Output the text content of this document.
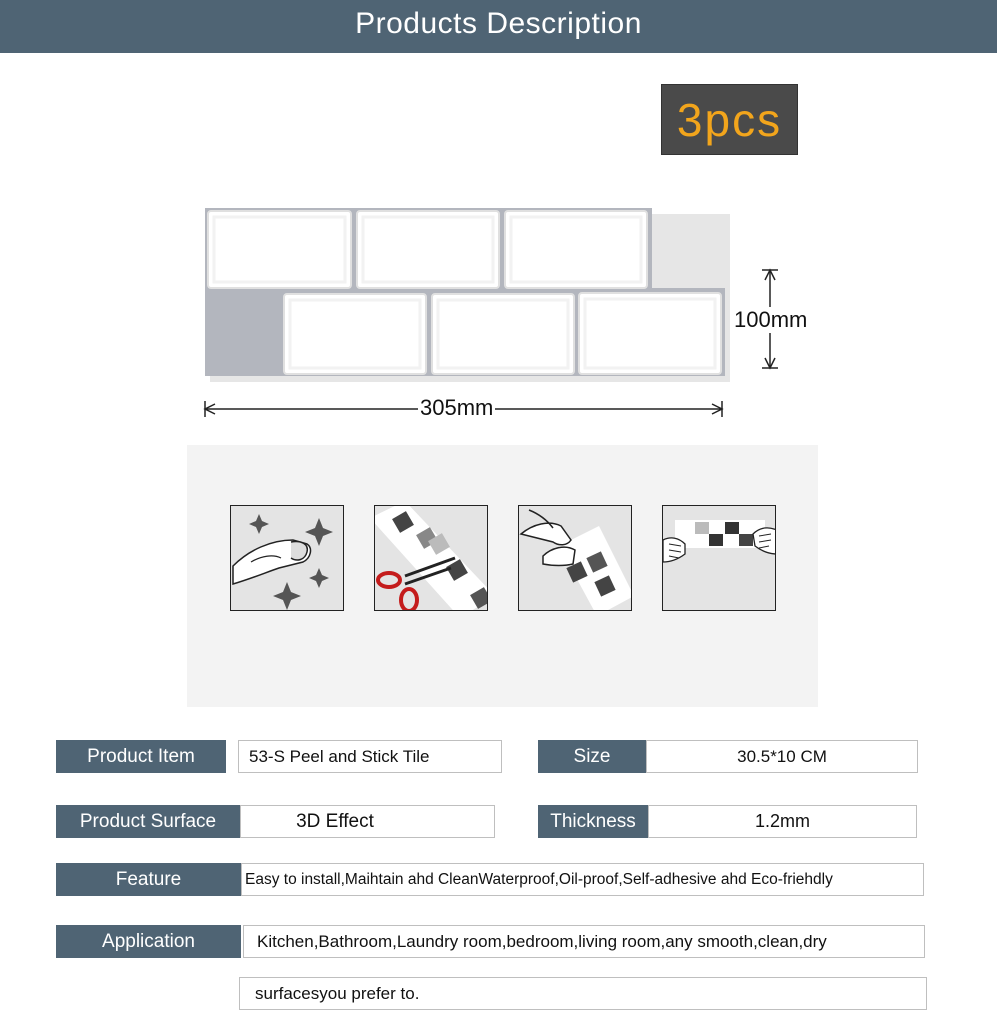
Products Description
3pcs
100mm
305mm
Product Item	53-S Peel and Stick Tile	Size	30.5*10 CM
Product Surface	3D Effect	Thickness	1.2mm
Feature	Easy to install,Maihtain ahd CleanWaterproof,Oil-proof,Self-adhesive ahd Eco-friehdly
Application	Kitchen,Bathroom,Laundry room,bedroom,living room,any smooth,clean,dry
surfacesyou prefer to.
